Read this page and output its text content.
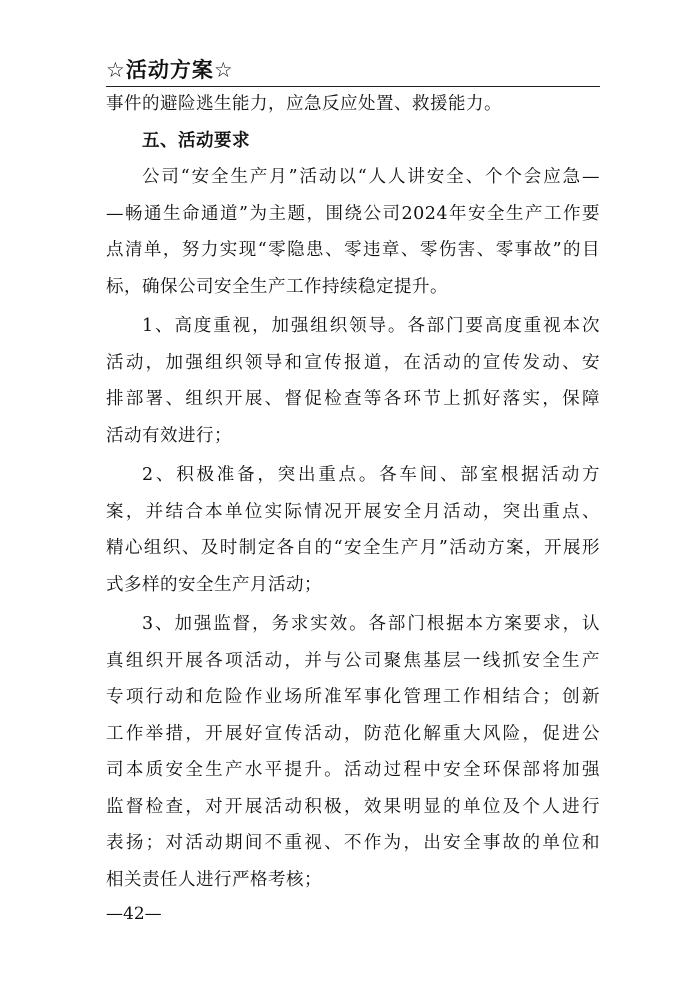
☆活动方案☆
事件的避险逃生能力，应急反应处置、救援能力。
五、活动要求
公司“安全生产月”活动以“人人讲安全、个个会应急—
—畅通生命通道”为主题，围绕公司2024年安全生产工作要
点清单，努力实现“零隐患、零违章、零伤害、零事故”的目
标，确保公司安全生产工作持续稳定提升。
1、高度重视，加强组织领导。各部门要高度重视本次
活动，加强组织领导和宣传报道，在活动的宣传发动、安
排部署、组织开展、督促检查等各环节上抓好落实，保障
活动有效进行；
2、积极准备，突出重点。各车间、部室根据活动方
案，并结合本单位实际情况开展安全月活动，突出重点、
精心组织、及时制定各自的“安全生产月”活动方案，开展形
式多样的安全生产月活动；
3、加强监督，务求实效。各部门根据本方案要求，认
真组织开展各项活动，并与公司聚焦基层一线抓安全生产
专项行动和危险作业场所准军事化管理工作相结合；创新
工作举措，开展好宣传活动，防范化解重大风险，促进公
司本质安全生产水平提升。活动过程中安全环保部将加强
监督检查，对开展活动积极，效果明显的单位及个人进行
表扬；对活动期间不重视、不作为，出安全事故的单位和
相关责任人进行严格考核；
—42—
